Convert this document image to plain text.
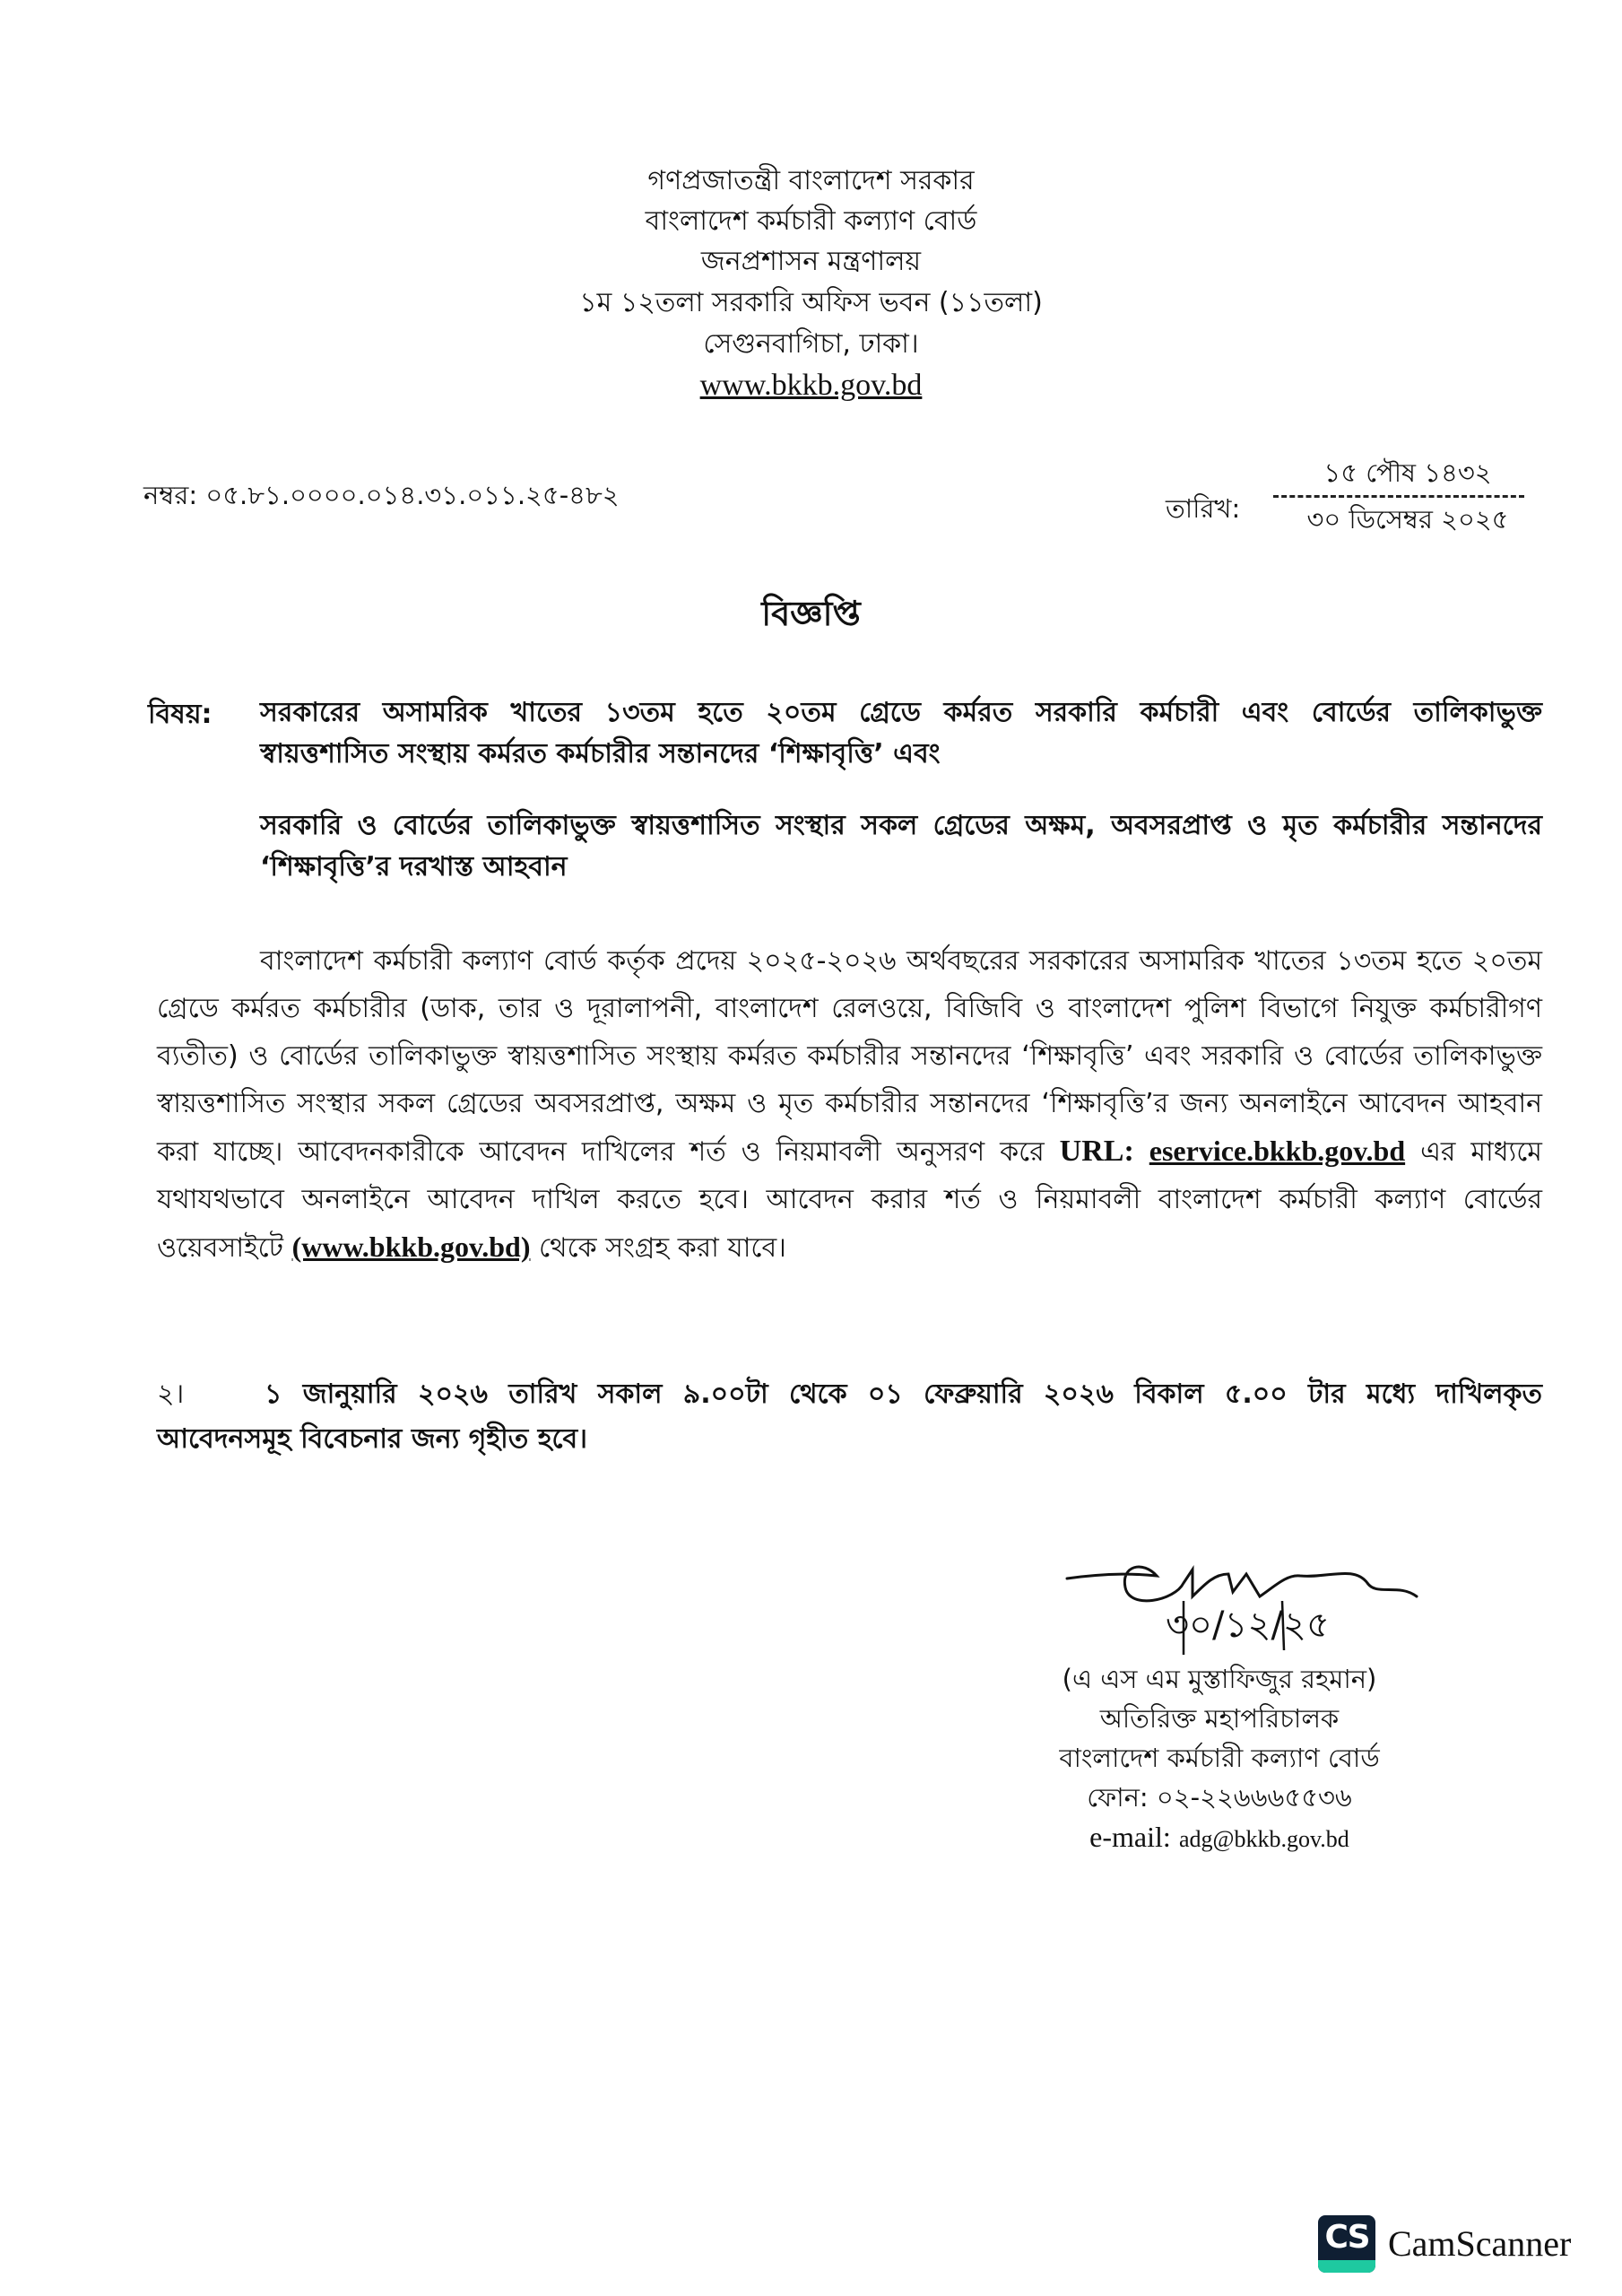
গণপ্রজাতন্ত্রী বাংলাদেশ সরকার
বাংলাদেশ কর্মচারী কল্যাণ বোর্ড
জনপ্রশাসন মন্ত্রণালয়
১ম ১২তলা সরকারি অফিস ভবন (১১তলা)
সেগুনবাগিচা, ঢাকা।
www.bkkb.gov.bd
নম্বর: ০৫.৮১.০০০০.০১৪.৩১.০১১.২৫-৪৮২	তারিখ:
১৫ পৌষ ১৪৩২
৩০ ডিসেম্বর ২০২৫
বিজ্ঞপ্তি
বিষয়: সরকারের অসামরিক খাতের ১৩তম হতে ২০তম গ্রেডে কর্মরত সরকারি কর্মচারী এবং বোর্ডের তালিকাভুক্ত
স্বায়ত্তশাসিত সংস্থায় কর্মরত কর্মচারীর সন্তানদের ‘শিক্ষাবৃত্তি’ এবং
সরকারি ও বোর্ডের তালিকাভুক্ত স্বায়ত্তশাসিত সংস্থার সকল গ্রেডের অক্ষম, অবসরপ্রাপ্ত ও মৃত কর্মচারীর সন্তানদের
‘শিক্ষাবৃত্তি’র দরখাস্ত আহবান
বাংলাদেশ কর্মচারী কল্যাণ বোর্ড কর্তৃক প্রদেয় ২০২৫-২০২৬ অর্থবছরের সরকারের অসামরিক খাতের ১৩তম হতে ২০তম গ্রেডে কর্মরত কর্মচারীর (ডাক, তার ও দূরালাপনী, বাংলাদেশ রেলওয়ে, বিজিবি ও বাংলাদেশ পুলিশ বিভাগে নিযুক্ত কর্মচারীগণ ব্যতীত) ও বোর্ডের তালিকাভুক্ত স্বায়ত্তশাসিত সংস্থায় কর্মরত কর্মচারীর সন্তানদের ‘শিক্ষাবৃত্তি’ এবং সরকারি ও বোর্ডের তালিকাভুক্ত স্বায়ত্তশাসিত সংস্থার সকল গ্রেডের অবসরপ্রাপ্ত, অক্ষম ও মৃত কর্মচারীর সন্তানদের ‘শিক্ষাবৃত্তি’র জন্য অনলাইনে আবেদন আহবান করা যাচ্ছে। আবেদনকারীকে আবেদন দাখিলের শর্ত ও নিয়মাবলী অনুসরণ করে URL: eservice.bkkb.gov.bd এর মাধ্যমে যথাযথভাবে অনলাইনে আবেদন দাখিল করতে হবে। আবেদন করার শর্ত ও নিয়মাবলী বাংলাদেশ কর্মচারী কল্যাণ বোর্ডের ওয়েবসাইটে (www.bkkb.gov.bd) থেকে সংগ্রহ করা যাবে।
২।	১ জানুয়ারি ২০২৬ তারিখ সকাল ৯.০০টা থেকে ০১ ফেব্রুয়ারি ২০২৬ বিকাল ৫.০০ টার মধ্যে দাখিলকৃত
আবেদনসমূহ বিবেচনার জন্য গৃহীত হবে।
৩০/১২/২৫
(এ এস এম মুস্তাফিজুর রহমান)
অতিরিক্ত মহাপরিচালক
বাংলাদেশ কর্মচারী কল্যাণ বোর্ড
ফোন: ০২-২২৬৬৬৫৫৩৬
e-mail: adg@bkkb.gov.bd
CS CamScanner
